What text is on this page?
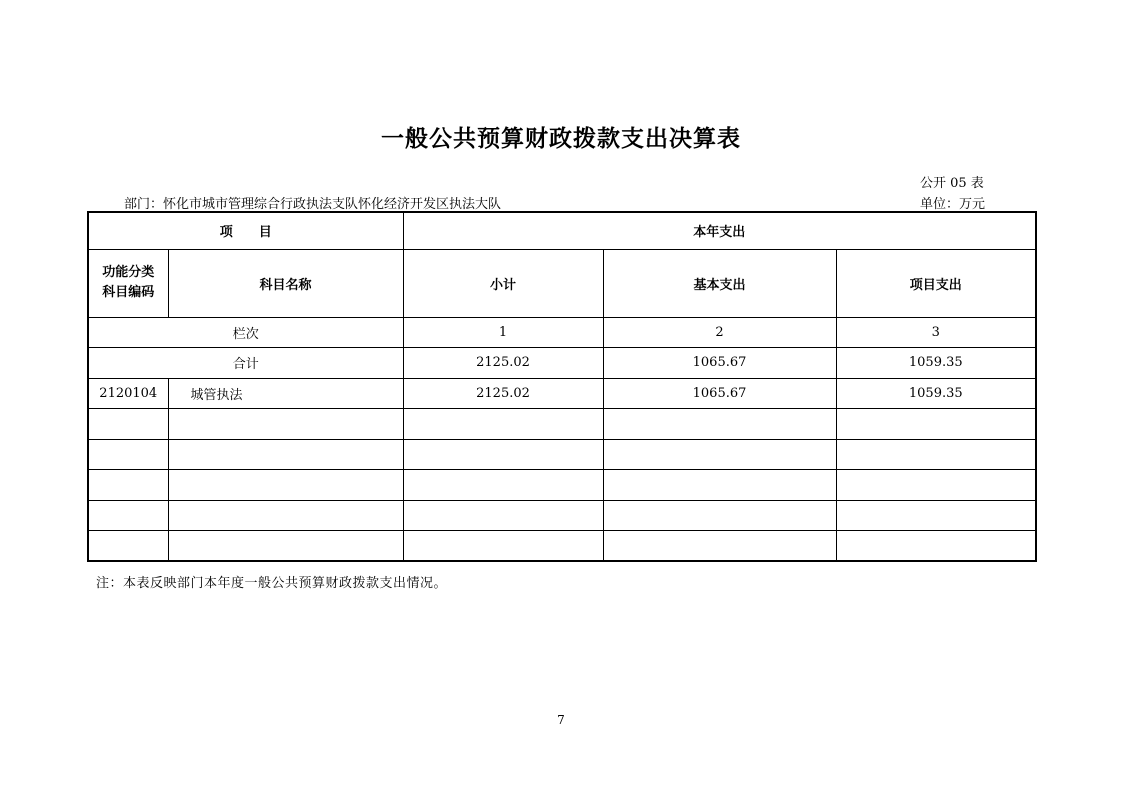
一般公共预算财政拨款支出决算表
公开 05 表
部门：怀化市城市管理综合行政执法支队怀化经济开发区执法大队	单位：万元
项　　目		本年支出		
功能分类
科目编码	科目名称	小计	基本支出	项目支出
栏次		1	2	3
合计		2125.02	1065.67	1059.35
2120104	城管执法	2125.02	1065.67	1059.35

注：本表反映部门本年度一般公共预算财政拨款支出情况。
7
